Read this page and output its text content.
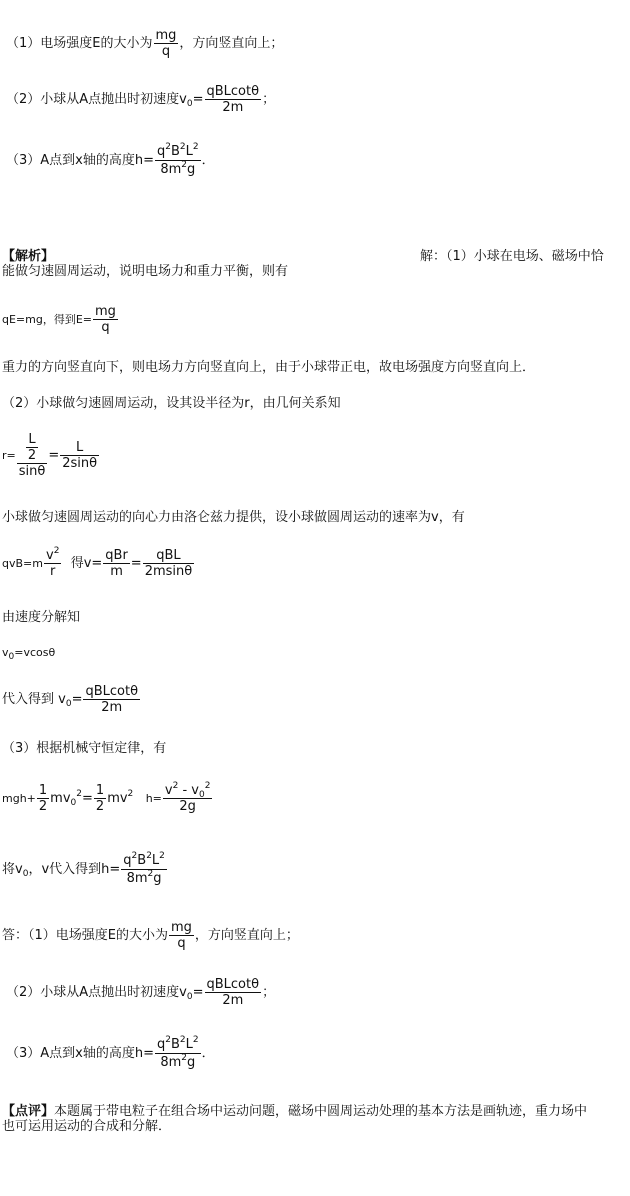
（1）电场强度E的大小为 $\frac{mg}{q}$ ，方向竖直向上；
（2）小球从A点抛出时初速度$v_0= \frac{\text{qBLcotθ}}{2m}$ ；
（3）A点到x轴的高度$h= \frac{q^2B^2L^2}{8m^2g}$ ．
【解析】	解：（1）小球在电场、磁场中恰
能做匀速圆周运动，说明电场力和重力平衡，则有
qE=mg，得到$E= \frac{mg}{q}$
重力的方向竖直向下，则电场力方向竖直向上，由于小球带正电，故电场强度方向竖直向上．
（2）小球做匀速圆周运动，设其设半径为r，由几何关系知
$r= \frac{\frac{L}{2}}{\sin\theta} = \frac{L}{2\sin\theta}$
小球做匀速圆周运动的向心力由洛仑兹力提供，设小球做圆周运动的速率为v，有
$qvB=m \frac{v^2}{r}$ 得$v= \frac{\text{qBr}}{m} = \frac{\text{qBL}}{2msin\theta}$
由速度分解知
$v_0=vcos\theta$
代入得到 $v_0= \frac{\text{qBLcotθ}}{2m}$
（3）根据机械守恒定律，有
$mgh+ \frac{1}{2} mv_0^2= \frac{1}{2} mv^2$ $h= \frac{v^2 - v_0^2}{2g}$
将$v_0$，v代入得到$h= \frac{q^2B^2L^2}{8m^2g}$
答：（1）电场强度E的大小为 $\frac{mg}{q}$ ，方向竖直向上；
（2）小球从A点抛出时初速度$v_0= \frac{\text{qBLcotθ}}{2m}$ ；
（3）A点到x轴的高度$h= \frac{q^2B^2L^2}{8m^2g}$ ．
【点评】本题属于带电粒子在组合场中运动问题，磁场中圆周运动处理的基本方法是画轨迹，重力场中
也可运用运动的合成和分解．
